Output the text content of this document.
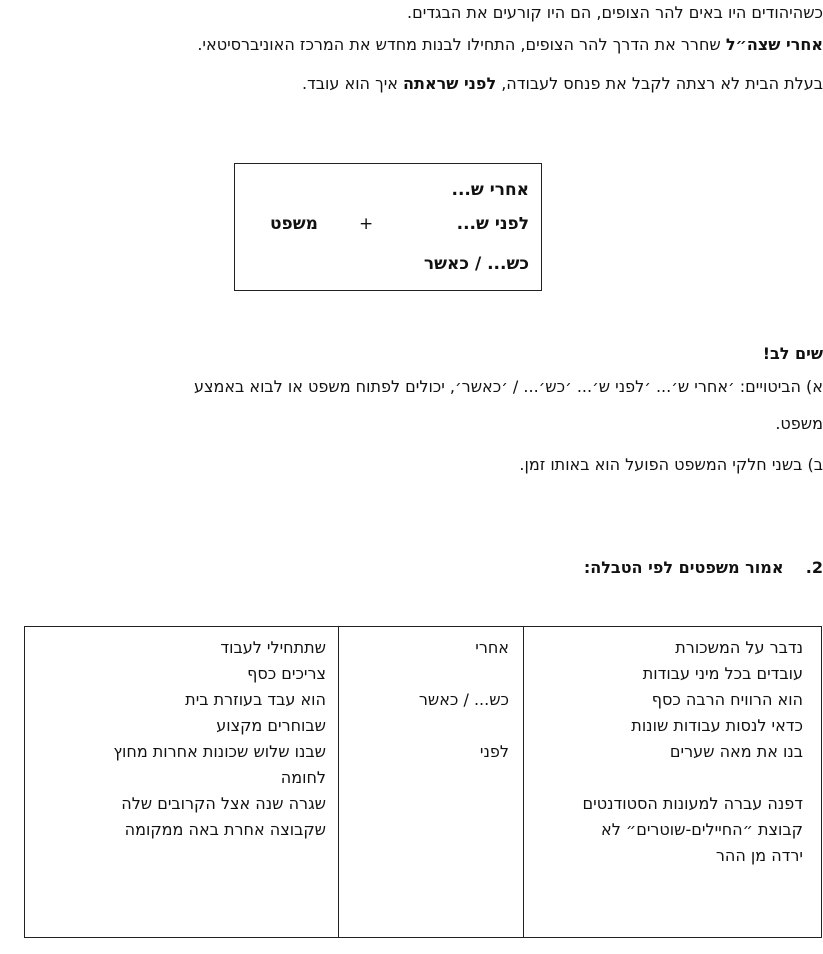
כשהיהודים היו באים להר הצופים, הם היו קורעים את הבגדים.
אחרי שצה״ל שחרר את הדרך להר הצופים, התחילו לבנות מחדש את המרכז האוניברסיטאי.
בעלת הבית לא רצתה לקבל את פנחס לעבודה, לפני שראתה איך הוא עובד.
אחרי ש...
לפני ש...
כש... / כאשר
+
משפט
שים לב!
א) הביטויים: ׳אחרי ש׳... ׳לפני ש׳... ׳כש׳... / ׳כאשר׳, יכולים לפתוח משפט או לבוא באמצע
משפט.
ב) בשני חלקי המשפט הפועל הוא באותו זמן.
2.    אמור משפטים לפי הטבלה:
נדבר על המשכורת
עובדים בכל מיני עבודות
הוא הרוויח הרבה כסף
כדאי לנסות עבודות שונות
בנו את מאה שערים
דפנה עברה למעונות הסטודנטים
קבוצת ״החיילים-שוטרים״ לא
ירדה מן ההר
אחרי
כש... / כאשר
לפני
שתתחילי לעבוד
צריכים כסף
הוא עבד בעוזרת בית
שבוחרים מקצוע
שבנו שלוש שכונות אחרות מחוץ
לחומה
שגרה שנה אצל הקרובים שלה
שקבוצה אחרת באה ממקומה
